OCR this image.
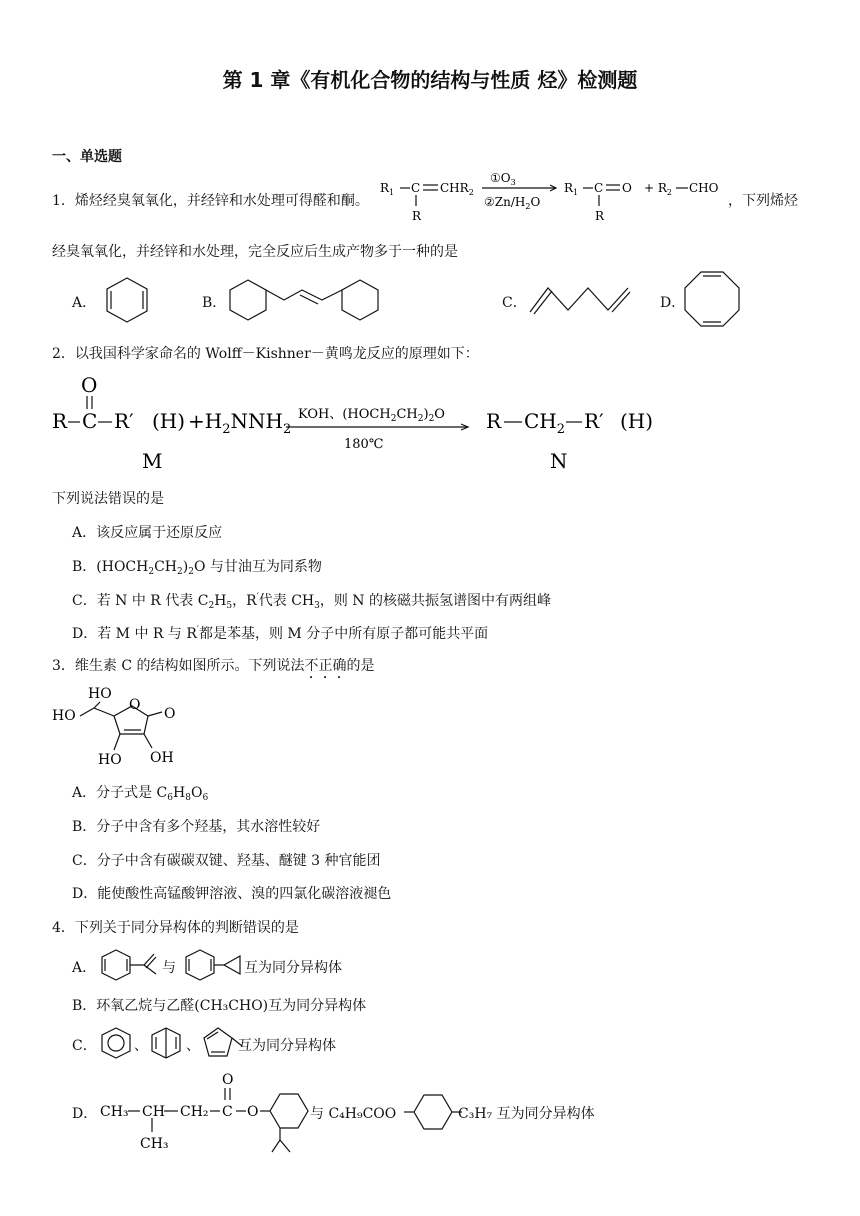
第 1 章《有机化合物的结构与性质 烃》检测题
一、单选题
1．烯烃经臭氧氧化，并经锌和水处理可得醛和酮。
$R_1$ C $CHR_2$
R
$①O_3$
②Zn/$H_2O$
$R_1$ C O
R
+ $R_2$ CHO
，下列烯烃
经臭氧氧化，并经锌和水处理，完全反应后生成产物多于一种的是
A．	B．	C．	D．
2．以我国科学家命名的 Wolff－Kishner－黄鸣龙反应的原理如下：
R C
O
R′ $(H) +H_2NNH_2$	R $CH_2$ R′ (H)
M	N
KOH、$(HOCH_2CH_2)_2O$
180℃
下列说法错误的是
A．该反应属于还原反应
B．$(HOCH_2CH_2)_2O$ 与甘油互为同系物
C．若 N 中 R 代表 $C_2H_5$，R′代表 $CH_3$，则 N 的核磁共振氢谱图中有两组峰
D．若 M 中 R 与 R′都是苯基，则 M 分子中所有原子都可能共平面
3．维生素 C 的结构如图所示。下列说法不正确的是
HO
HO
O
O
HO OH
A．分子式是 $C_6H_8O_6$
B．分子中含有多个羟基，其水溶性较好
C．分子中含有碳碳双键、羟基、醚键 3 种官能团
D．能使酸性高锰酸钾溶液、溴的四氯化碳溶液褪色
4．下列关于同分异构体的判断错误的是
A．	与	互为同分异构体
B．环氧乙烷与乙醛(CH₃CHO)互为同分异构体
C．	、	、	互为同分异构体
D． CH₃ CH CH₂ C
O
O
CH₃
与 C₄H₉COO	C₃H₇ 互为同分异构体
